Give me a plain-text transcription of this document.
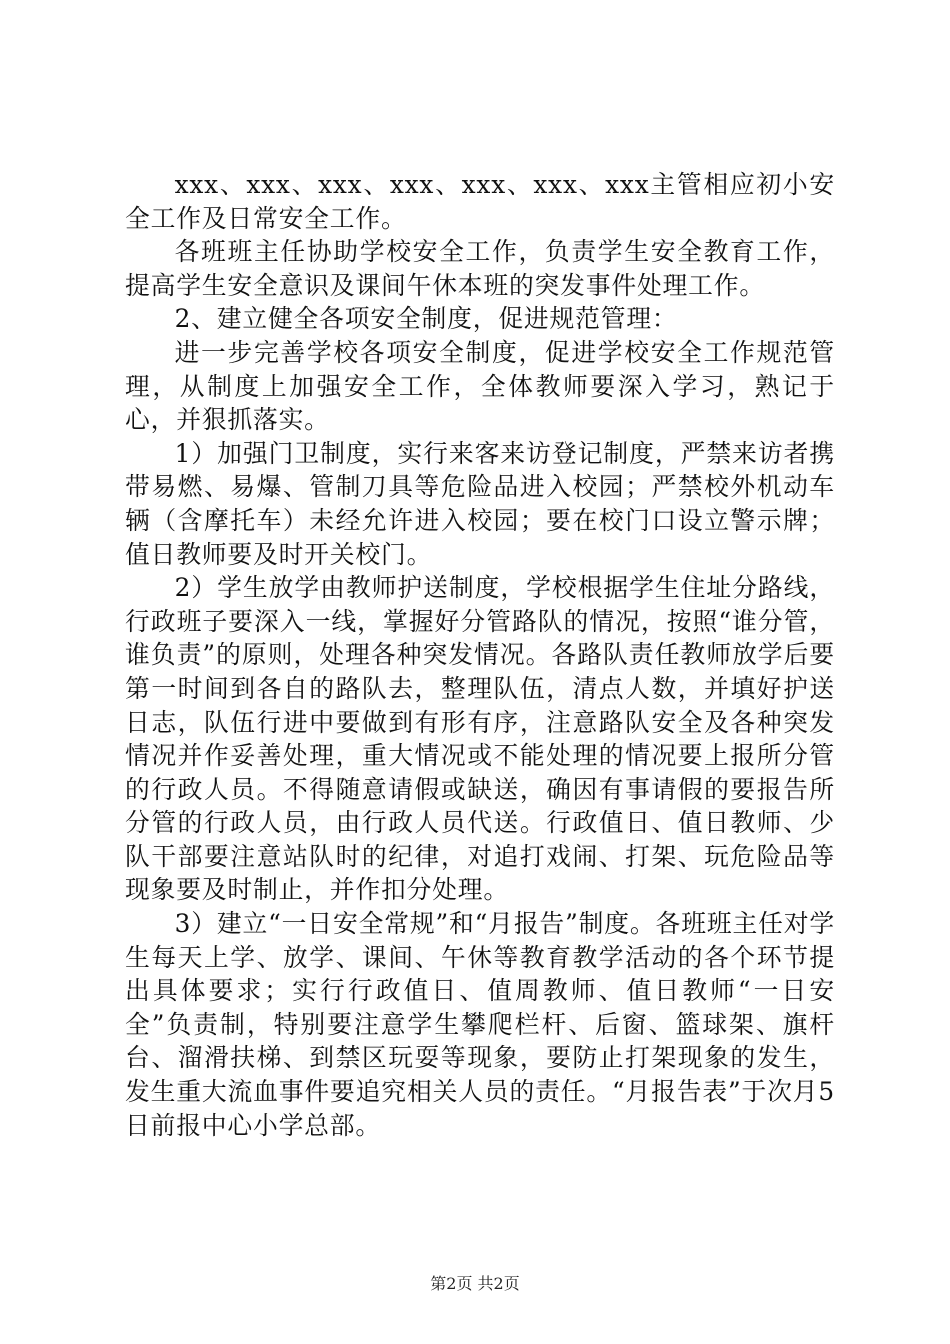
xxx、xxx、xxx、xxx、xxx、xxx、xxx主管相应初小安全工作及日常安全工作。

各班班主任协助学校安全工作，负责学生安全教育工作，提高学生安全意识及课间午休本班的突发事件处理工作。

2、建立健全各项安全制度，促进规范管理：

进一步完善学校各项安全制度，促进学校安全工作规范管理，从制度上加强安全工作，全体教师要深入学习，熟记于心，并狠抓落实。

1）加强门卫制度，实行来客来访登记制度，严禁来访者携带易燃、易爆、管制刀具等危险品进入校园；严禁校外机动车辆（含摩托车）未经允许进入校园；要在校门口设立警示牌；值日教师要及时开关校门。

2）学生放学由教师护送制度，学校根据学生住址分路线，行政班子要深入一线，掌握好分管路队的情况，按照“谁分管，谁负责”的原则，处理各种突发情况。各路队责任教师放学后要第一时间到各自的路队去，整理队伍，清点人数，并填好护送日志，队伍行进中要做到有形有序，注意路队安全及各种突发情况并作妥善处理，重大情况或不能处理的情况要上报所分管的行政人员。不得随意请假或缺送，确因有事请假的要报告所分管的行政人员，由行政人员代送。行政值日、值日教师、少队干部要注意站队时的纪律，对追打戏闹、打架、玩危险品等现象要及时制止，并作扣分处理。

3）建立“一日安全常规”和“月报告”制度。各班班主任对学生每天上学、放学、课间、午休等教育教学活动的各个环节提出具体要求；实行行政值日、值周教师、值日教师“一日安全”负责制，特别要注意学生攀爬栏杆、后窗、篮球架、旗杆台、溜滑扶梯、到禁区玩耍等现象，要防止打架现象的发生，发生重大流血事件要追究相关人员的责任。“月报告表”于次月5日前报中心小学总部。

第2页 共2页
